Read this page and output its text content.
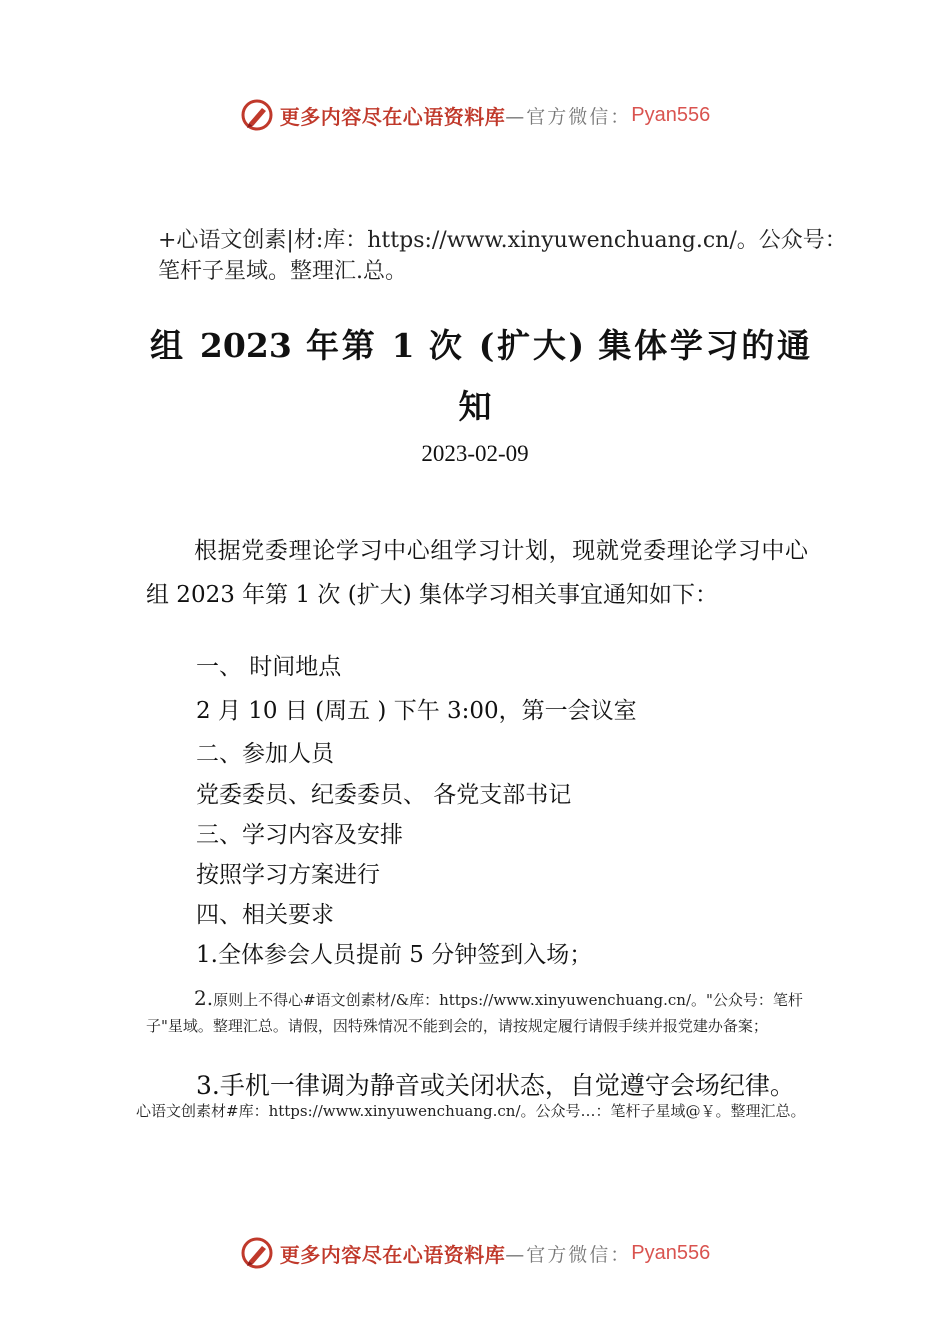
更多内容尽在心语资料库 —官方微信： Pyan556
+心语文创素|材:库：https://www.xinyuwenchuang.cn/。公众号：笔杆子星域。整理汇.总。
组 2023 年第 1 次 (扩大) 集体学习的通
知
2023-02-09
根据党委理论学习中心组学习计划，现就党委理论学习中心 组 2023 年第 1 次 (扩大) 集体学习相关事宜通知如下：
一、 时间地点
2 月 10 日 (周五 ) 下午 3:00，第一会议室
二、参加人员
党委委员、纪委委员、 各党支部书记
三、学习内容及安排
按照学习方案进行
四、相关要求
1.全体参会人员提前 5 分钟签到入场；
2.原则上不得心#语文创素材/&库：https://www.xinyuwenchuang.cn/。"公众号：笔杆子"星域。整理汇总。请假，因特殊情况不能到会的，请按规定履行请假手续并报党建办备案；
3.手机一律调为静音或关闭状态，自觉遵守会场纪律。
心语文创素材#库：https://www.xinyuwenchuang.cn/。公众号…：笔杆子星域@￥。整理汇总。
更多内容尽在心语资料库 —官方微信： Pyan556
